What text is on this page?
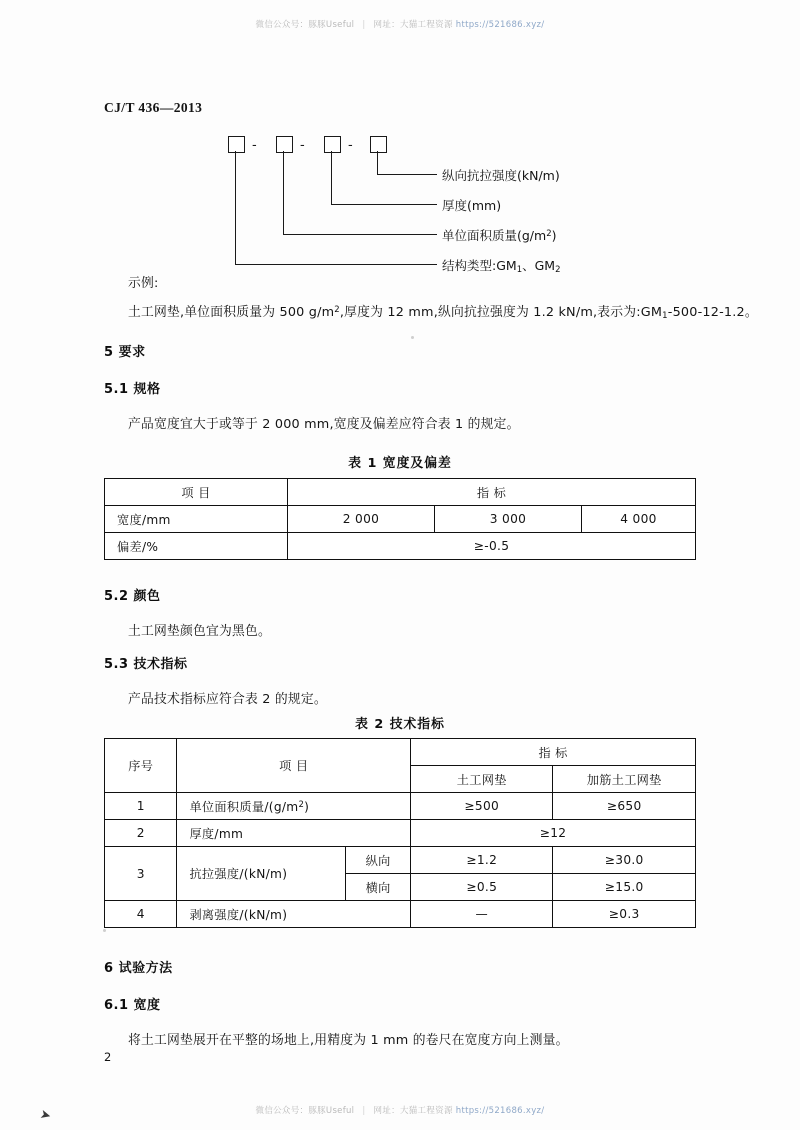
微信公众号：豚豚Useful | 网址：大猫工程资源 https://521686.xyz/
CJ/T 436—2013
-	-	-
纵向抗拉强度(kN/m)
厚度(mm)
单位面积质量$(g/m^2)$
结构类型$:GM_1$、$GM_2$
示例:
土工网垫,单位面积质量为 500 $g/m^2$,厚度为 12 mm,纵向抗拉强度为 1.2 kN/m,表示为$:GM_1-500-12-1.2$。
5 要求
5.1 规格
产品宽度宜大于或等于 2 000 mm,宽度及偏差应符合表 1 的规定。
表 1 宽度及偏差
项 目	指 标		
宽度/mm	2 000	3 000	4 000
偏差/%	≥-0.5		
5.2 颜色
土工网垫颜色宜为黑色。
5.3 技术指标
产品技术指标应符合表 2 的规定。
表 2 技术指标
序号	项 目		指 标	
			土工网垫	加筋土工网垫
1	单位面积质量$/(g/m^2)$		≥500	≥650
2	厚度/mm		≥12	
3	抗拉强度/(kN/m)	纵向	≥1.2	≥30.0
		横向	≥0.5	≥15.0
4	剥离强度/(kN/m)		—	≥0.3
6 试验方法
6.1 宽度
将土工网垫展开在平整的场地上,用精度为 1 mm 的卷尺在宽度方向上测量。
2
➤	微信公众号：豚豚Useful | 网址：大猫工程资源 https://521686.xyz/
